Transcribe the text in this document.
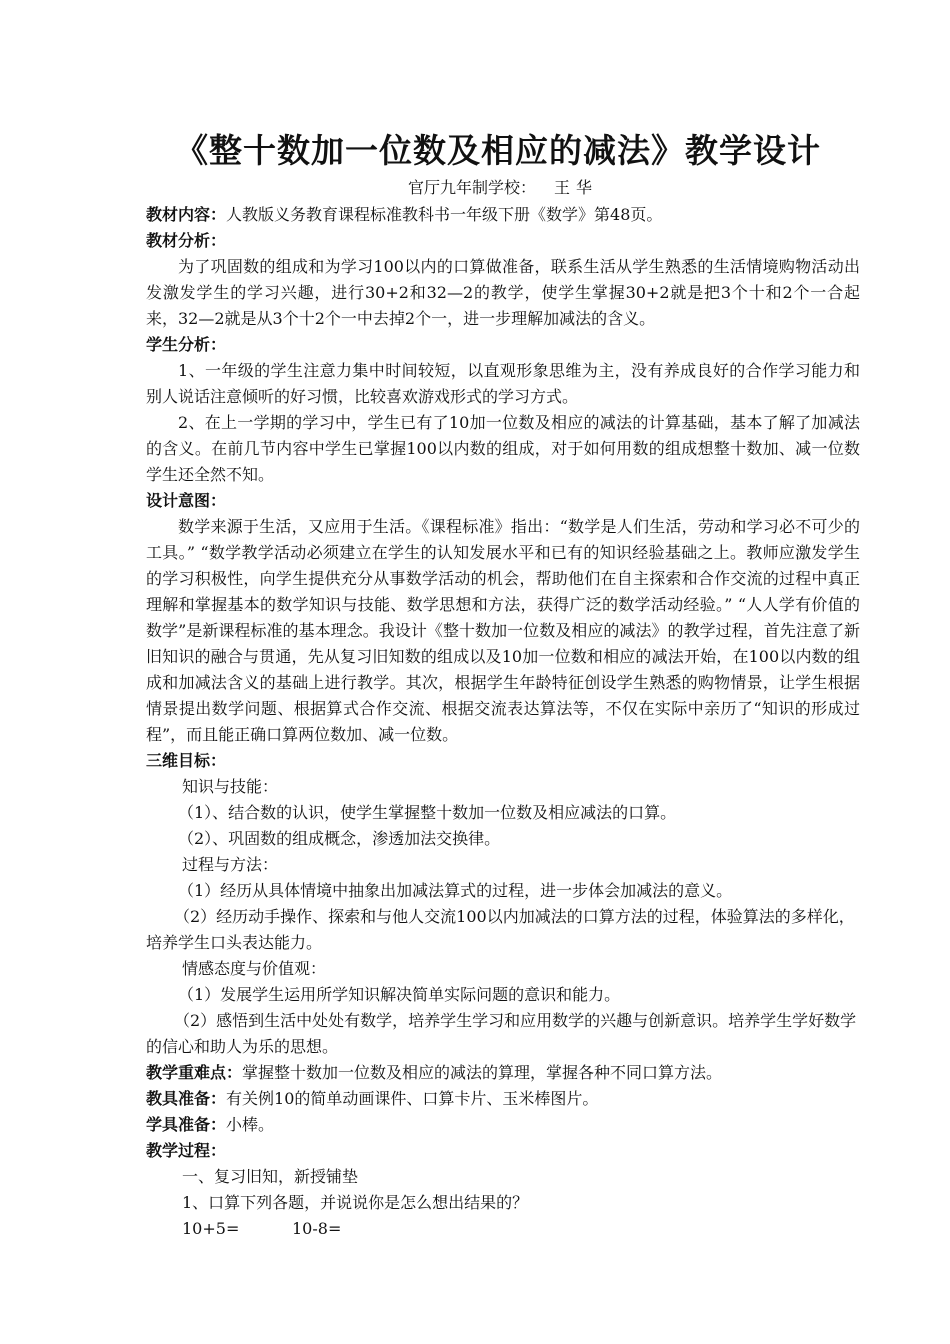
《整十数加一位数及相应的减法》教学设计
官厅九年制学校： 王华

教材内容：人教版义务教育课程标准教科书一年级下册《数学》第48页。

教材分析：

为了巩固数的组成和为学习100以内的口算做准备，联系生活从学生熟悉的生活情境购物活动出发激发学生的学习兴趣，进行30+2和32—2的教学，使学生掌握30+2就是把3个十和2个一合起来，32—2就是从3个十2个一中去掉2个一，进一步理解加减法的含义。

学生分析：

1、一年级的学生注意力集中时间较短，以直观形象思维为主，没有养成良好的合作学习能力和别人说话注意倾听的好习惯，比较喜欢游戏形式的学习方式。

2、在上一学期的学习中，学生已有了10加一位数及相应的减法的计算基础，基本了解了加减法的含义。在前几节内容中学生已掌握100以内数的组成，对于如何用数的组成想整十数加、减一位数学生还全然不知。

设计意图：

数学来源于生活，又应用于生活。《课程标准》指出：“数学是人们生活，劳动和学习必不可少的工具。” “数学教学活动必须建立在学生的认知发展水平和已有的知识经验基础之上。教师应激发学生的学习积极性，向学生提供充分从事数学活动的机会，帮助他们在自主探索和合作交流的过程中真正理解和掌握基本的数学知识与技能、数学思想和方法，获得广泛的数学活动经验。” “人人学有价值的数学”是新课程标准的基本理念。我设计《整十数加一位数及相应的减法》的教学过程，首先注意了新旧知识的融合与贯通，先从复习旧知数的组成以及10加一位数和相应的减法开始，在100以内数的组成和加减法含义的基础上进行教学。其次，根据学生年龄特征创设学生熟悉的购物情景，让学生根据情景提出数学问题、根据算式合作交流、根据交流表达算法等，不仅在实际中亲历了“知识的形成过程”，而且能正确口算两位数加、减一位数。

三维目标：

知识与技能：

（1）、结合数的认识，使学生掌握整十数加一位数及相应减法的口算。

（2）、巩固数的组成概念，渗透加法交换律。

过程与方法：

（1）经历从具体情境中抽象出加减法算式的过程，进一步体会加减法的意义。

（2）经历动手操作、探索和与他人交流100以内加减法的口算方法的过程，体验算法的多样化，培养学生口头表达能力。

情感态度与价值观：

（1）发展学生运用所学知识解决简单实际问题的意识和能力。

（2）感悟到生活中处处有数学，培养学生学习和应用数学的兴趣与创新意识。培养学生学好数学的信心和助人为乐的思想。

教学重难点：掌握整十数加一位数及相应的减法的算理，掌握各种不同口算方法。

教具准备：有关例10的简单动画课件、口算卡片、玉米棒图片。

学具准备：小棒。

教学过程：

一、复习旧知，新授铺垫

1、口算下列各题，并说说你是怎么想出结果的？

10+5=	10-8=
